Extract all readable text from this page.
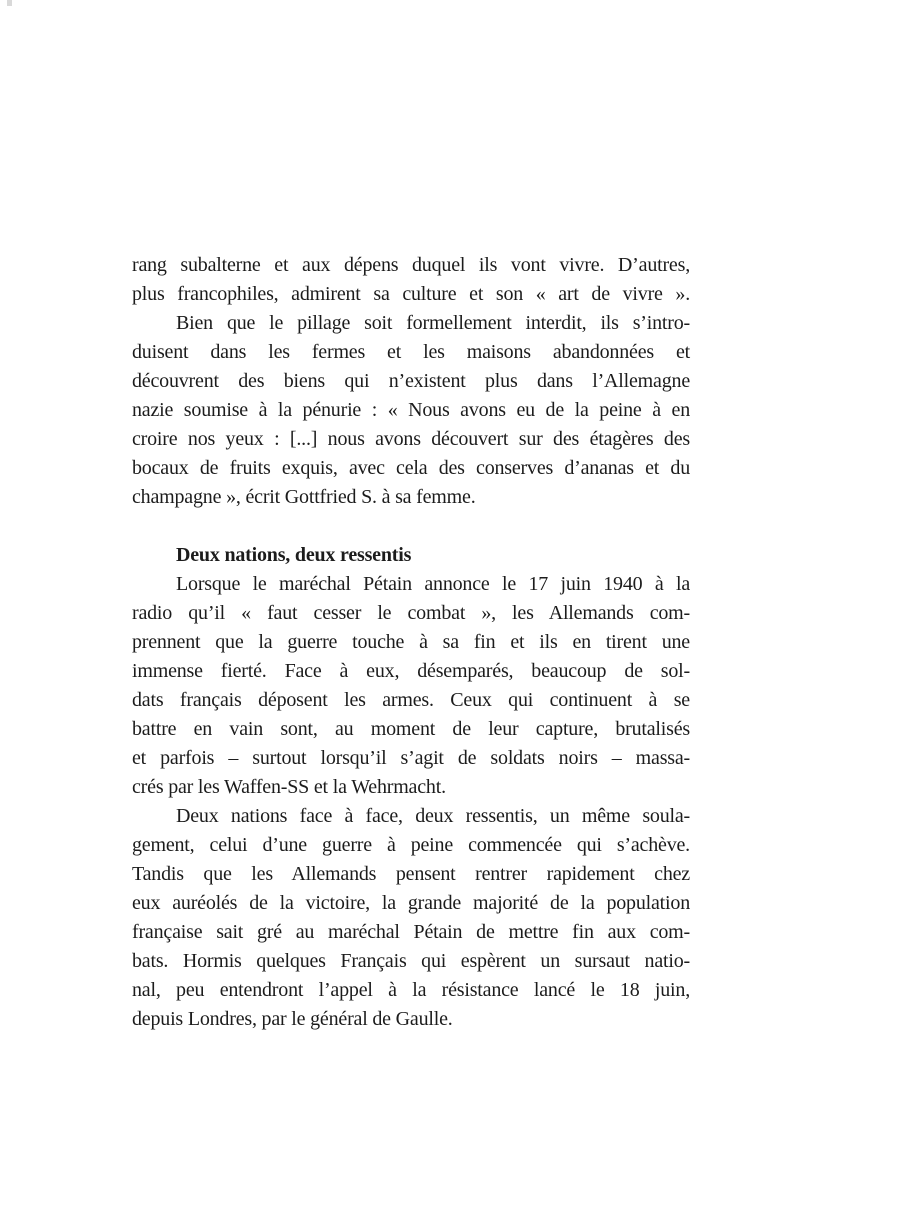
rang subalterne et aux dépens duquel ils vont vivre. D’autres,
plus francophiles, admirent sa culture et son « art de vivre ».
Bien que le pillage soit formellement interdit, ils s’intro-
duisent dans les fermes et les maisons abandonnées et
découvrent des biens qui n’existent plus dans l’Allemagne
nazie soumise à la pénurie : « Nous avons eu de la peine à en
croire nos yeux : [...] nous avons découvert sur des étagères des
bocaux de fruits exquis, avec cela des conserves d’ananas et du
champagne », écrit Gottfried S. à sa femme.
Deux nations, deux ressentis
Lorsque le maréchal Pétain annonce le 17 juin 1940 à la
radio qu’il « faut cesser le combat », les Allemands com-
prennent que la guerre touche à sa fin et ils en tirent une
immense fierté. Face à eux, désemparés, beaucoup de sol-
dats français déposent les armes. Ceux qui continuent à se
battre en vain sont, au moment de leur capture, brutalisés
et parfois – surtout lorsqu’il s’agit de soldats noirs – massa-
crés par les Waffen-SS et la Wehrmacht.
Deux nations face à face, deux ressentis, un même soula-
gement, celui d’une guerre à peine commencée qui s’achève.
Tandis que les Allemands pensent rentrer rapidement chez
eux auréolés de la victoire, la grande majorité de la population
française sait gré au maréchal Pétain de mettre fin aux com-
bats. Hormis quelques Français qui espèrent un sursaut natio-
nal, peu entendront l’appel à la résistance lancé le 18 juin,
depuis Londres, par le général de Gaulle.
